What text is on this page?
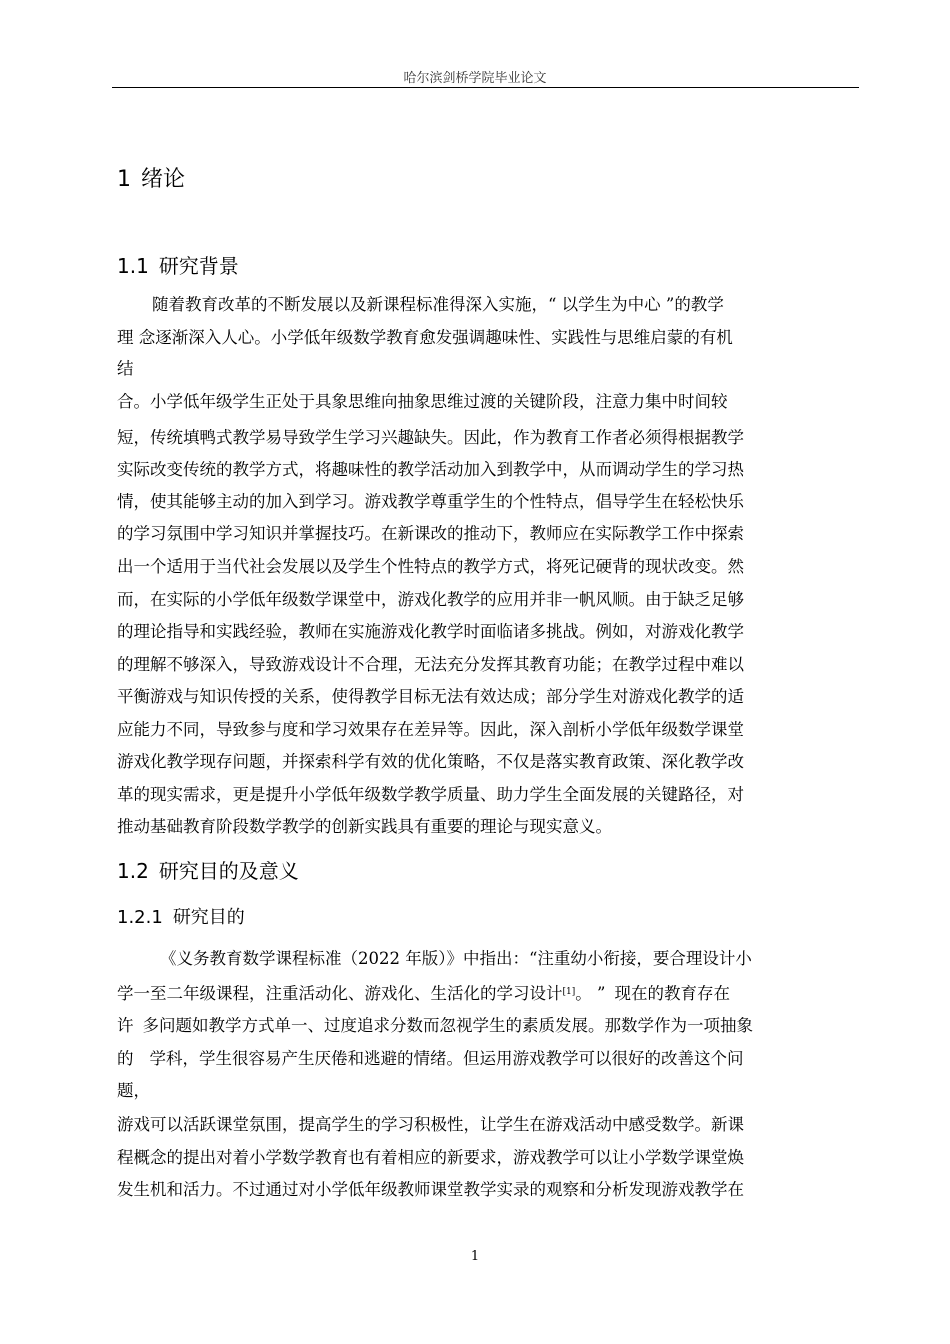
哈尔滨剑桥学院毕业论文
1 绪论
1.1 研究背景
随着教育改革的不断发展以及新课程标准得深入实施，“ 以学生为中心 ”的教学
理 念逐渐深入人心。小学低年级数学教育愈发强调趣味性、实践性与思维启蒙的有机
结
合。小学低年级学生正处于具象思维向抽象思维过渡的关键阶段，注意力集中时间较
短，传统填鸭式教学易导致学生学习兴趣缺失。因此，作为教育工作者必须得根据教学
实际改变传统的教学方式，将趣味性的教学活动加入到教学中，从而调动学生的学习热
情，使其能够主动的加入到学习。游戏教学尊重学生的个性特点，倡导学生在轻松快乐
的学习氛围中学习知识并掌握技巧。在新课改的推动下，教师应在实际教学工作中探索
出一个适用于当代社会发展以及学生个性特点的教学方式，将死记硬背的现状改变。然
而，在实际的小学低年级数学课堂中，游戏化教学的应用并非一帆风顺。由于缺乏足够
的理论指导和实践经验，教师在实施游戏化教学时面临诸多挑战。例如，对游戏化教学
的理解不够深入，导致游戏设计不合理，无法充分发挥其教育功能；在教学过程中难以
平衡游戏与知识传授的关系，使得教学目标无法有效达成；部分学生对游戏化教学的适
应能力不同，导致参与度和学习效果存在差异等。因此，深入剖析小学低年级数学课堂
游戏化教学现存问题，并探索科学有效的优化策略，不仅是落实教育政策、深化教学改
革的现实需求，更是提升小学低年级数学教学质量、助力学生全面发展的关键路径，对
推动基础教育阶段数学教学的创新实践具有重要的理论与现实意义。
1.2 研究目的及意义
1.2.1 研究目的
《义务教育数学课程标准（2022 年版）》中指出：“注重幼小衔接，要合理设计小
学一至二年级课程，注重活动化、游戏化、生活化的学习设计[1]。 ” 现在的教育存在
许 多问题如教学方式单一、过度追求分数而忽视学生的素质发展。那数学作为一项抽象
的 学科，学生很容易产生厌倦和逃避的情绪。但运用游戏教学可以很好的改善这个问
题，
游戏可以活跃课堂氛围，提高学生的学习积极性，让学生在游戏活动中感受数学。新课
程概念的提出对着小学数学教育也有着相应的新要求，游戏教学可以让小学数学课堂焕
发生机和活力。不过通过对小学低年级教师课堂教学实录的观察和分析发现游戏教学在
1
